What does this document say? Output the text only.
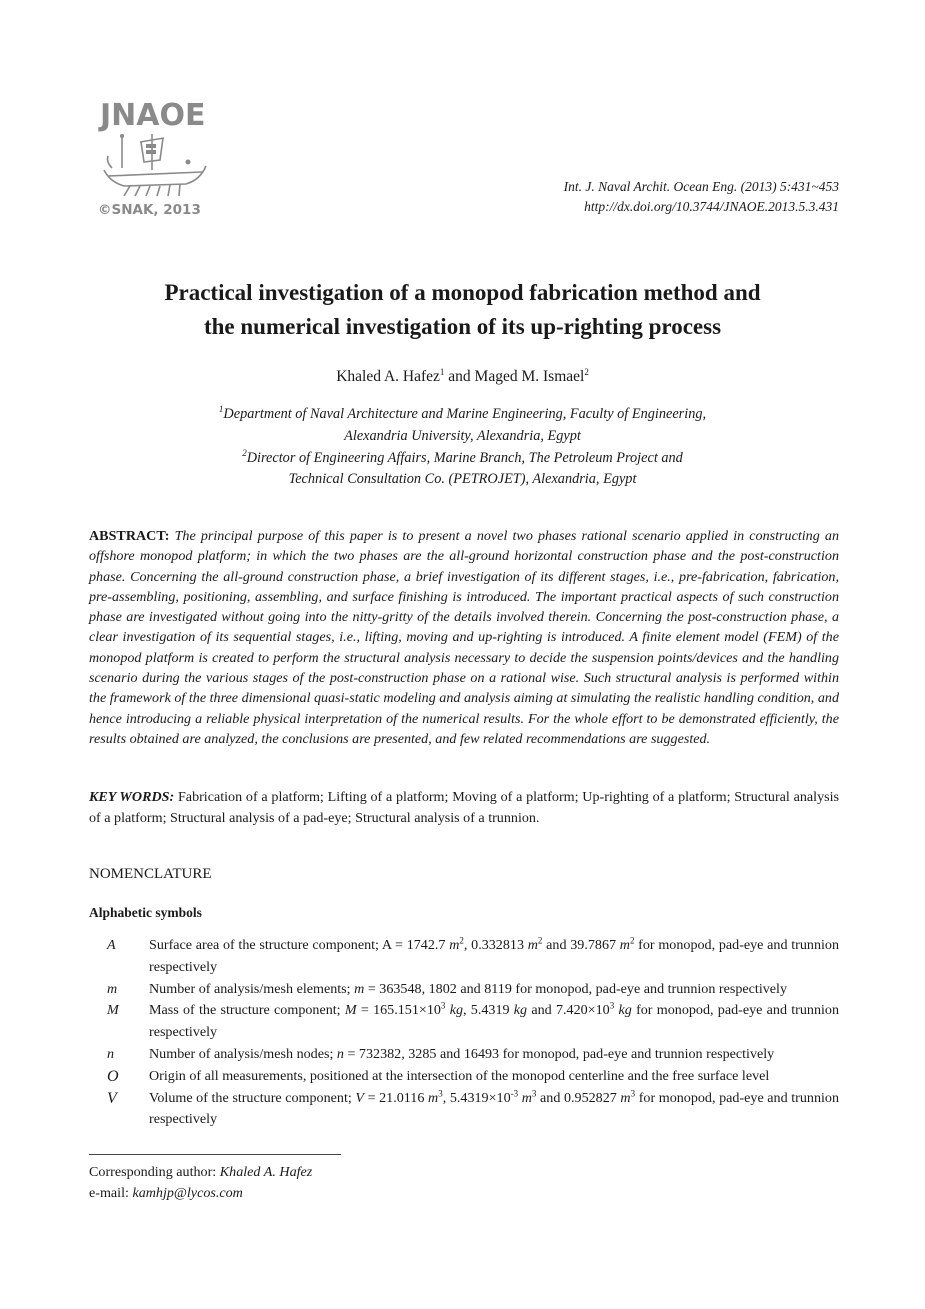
JNAOE
©SNAK, 2013
Int. J. Naval Archit. Ocean Eng. (2013) 5:431~453
http://dx.doi.org/10.3744/JNAOE.2013.5.3.431
Practical investigation of a monopod fabrication method and
the numerical investigation of its up-righting process
Khaled A. Hafez$^1$ and Maged M. Ismael$^2$
$^1$Department of Naval Architecture and Marine Engineering, Faculty of Engineering,
Alexandria University, Alexandria, Egypt
$^2$Director of Engineering Affairs, Marine Branch, The Petroleum Project and
Technical Consultation Co. (PETROJET), Alexandria, Egypt
ABSTRACT: The principal purpose of this paper is to present a novel two phases rational scenario applied in constructing an offshore monopod platform; in which the two phases are the all-ground horizontal construction phase and the post-construction phase. Concerning the all-ground construction phase, a brief investigation of its different stages, i.e., pre-fabrication, fabrication, pre-assembling, positioning, assembling, and surface finishing is introduced. The important practical aspects of such construction phase are investigated without going into the nitty-gritty of the details involved therein. Concerning the post-construction phase, a clear investigation of its sequential stages, i.e., lifting, moving and up-righting is introduced. A finite element model (FEM) of the monopod platform is created to perform the structural analysis necessary to decide the suspension points/devices and the handling scenario during the various stages of the post-construction phase on a rational wise. Such structural analysis is performed within the framework of the three dimensional quasi-static modeling and analysis aiming at simulating the realistic handling condition, and hence introducing a reliable physical interpretation of the numerical results. For the whole effort to be demonstrated efficiently, the results obtained are analyzed, the conclusions are presented, and few related recommendations are suggested.
KEY WORDS: Fabrication of a platform; Lifting of a platform; Moving of a platform; Up-righting of a platform; Structural analysis of a platform; Structural analysis of a pad-eye; Structural analysis of a trunnion.
NOMENCLATURE
Alphabetic symbols
A	Surface area of the structure component; A = 1742.7 $m^2$, 0.332813 $m^2$ and 39.7867 $m^2$ for monopod, pad-eye and trunnion respectively
m	Number of analysis/mesh elements; m = 363548, 1802 and 8119 for monopod, pad-eye and trunnion respectively
M	Mass of the structure component; $M = 165.151\times 10^3$ kg, 5.4319 kg and $7.420\times 10^3$ kg for monopod, pad-eye and trunnion respectively
n	Number of analysis/mesh nodes; n = 732382, 3285 and 16493 for monopod, pad-eye and trunnion respectively
O	Origin of all measurements, positioned at the intersection of the monopod centerline and the free surface level
V	Volume of the structure component; V = 21.0116 $m^3$, $5.4319\times 10^{-3}$ $m^3$ and 0.952827 $m^3$ for monopod, pad-eye and trunnion respectively
Corresponding author: Khaled A. Hafez
e-mail: kamhjp@lycos.com
